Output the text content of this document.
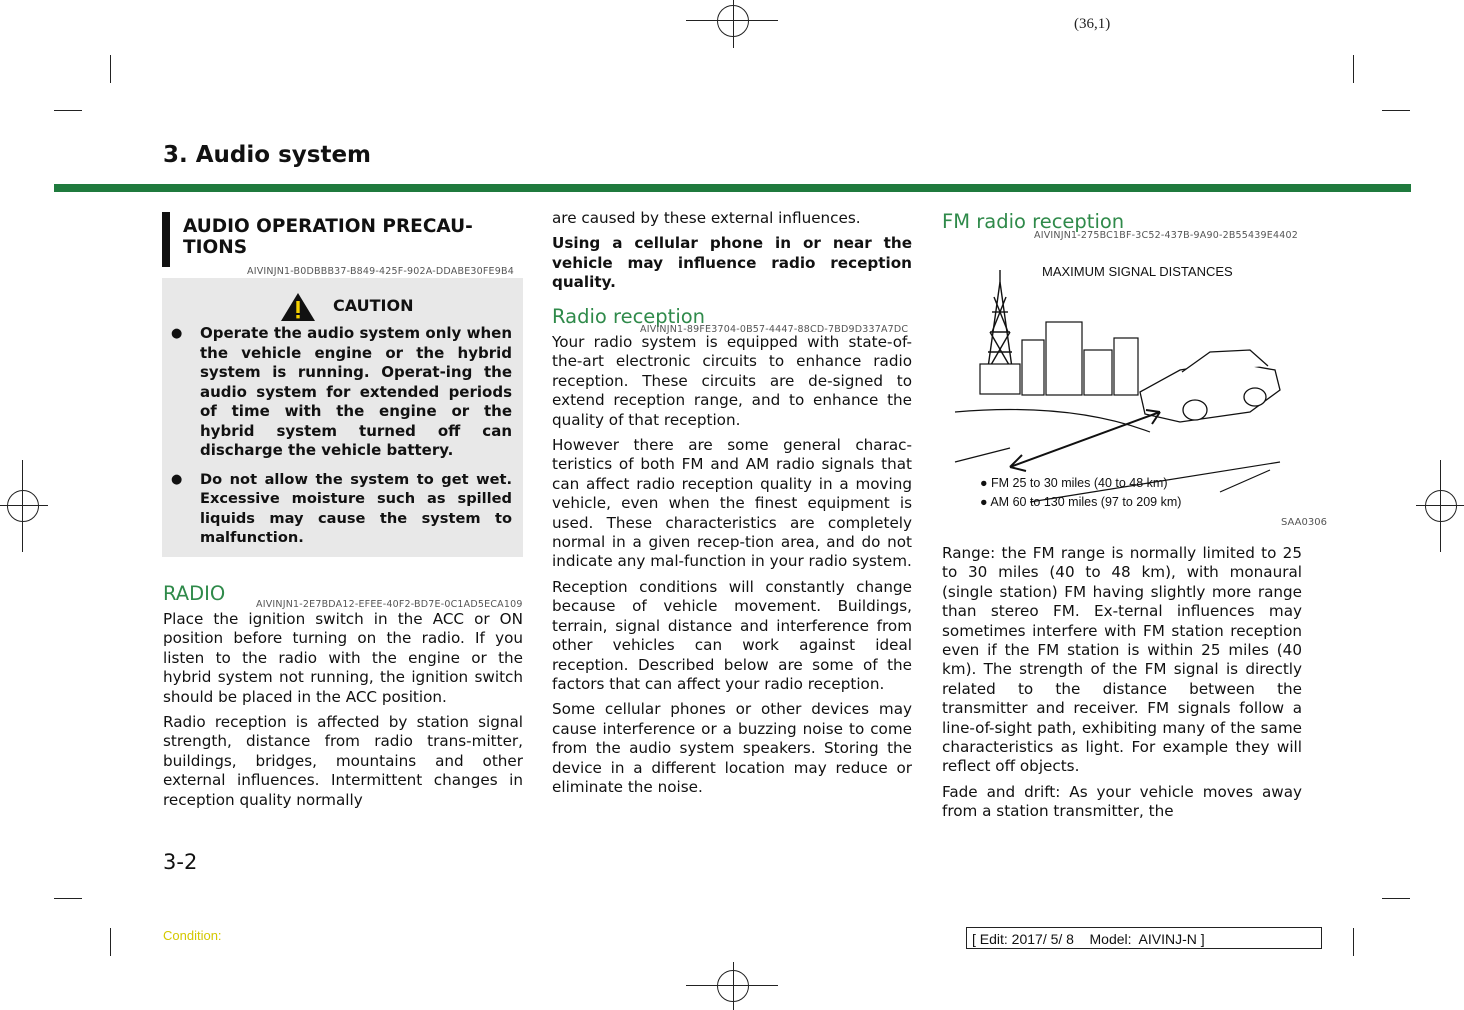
(36,1)
3. Audio system
AUDIO OPERATION PRECAU-
TIONS
AIVINJN1-B0DBBB37-B849-425F-902A-DDABE30FE9B4
CAUTION
● Operate the audio system only when the vehicle engine or the hybrid system is running. Operat-ing the audio system for extended periods of time with the engine or the hybrid system turned off can discharge the vehicle battery.
● Do not allow the system to get wet. Excessive moisture such as spilled liquids may cause the system to malfunction.
RADIO	AIVINJN1-2E7BDA12-EFEE-40F2-BD7E-0C1AD5ECA109

Place the ignition switch in the ACC or ON position before turning on the radio. If you listen to the radio with the engine or the hybrid system not running, the ignition switch should be placed in the ACC position.

Radio reception is affected by station signal strength, distance from radio trans-mitter, buildings, bridges, mountains and other external influences. Intermittent changes in reception quality normally

are caused by these external influences.

Using a cellular phone in or near the vehicle may influence radio reception quality.

Radio reception
AIVINJN1-89FE3704-0B57-4447-88CD-7BD9D337A7DC

Your radio system is equipped with state-of-the-art electronic circuits to enhance radio reception. These circuits are de-signed to extend reception range, and to enhance the quality of that reception.

However there are some general charac-teristics of both FM and AM radio signals that can affect radio reception quality in a moving vehicle, even when the finest equipment is used. These characteristics are completely normal in a given recep-tion area, and do not indicate any mal-function in your radio system.

Reception conditions will constantly change because of vehicle movement. Buildings, terrain, signal distance and interference from other vehicles can work against ideal reception. Described below are some of the factors that can affect your radio reception.

Some cellular phones or other devices may cause interference or a buzzing noise to come from the audio system speakers. Storing the device in a different location may reduce or eliminate the noise.

FM radio reception
AIVINJN1-275BC1BF-3C52-437B-9A90-2B55439E4402
MAXIMUM SIGNAL DISTANCES
● FM 25 to 30 miles (40 to 48 km)
● AM 60 to 130 miles (97 to 209 km)
SAA0306

Range: the FM range is normally limited to 25 to 30 miles (40 to 48 km), with monaural (single station) FM having slightly more range than stereo FM. Ex-ternal influences may sometimes interfere with FM station reception even if the FM station is within 25 miles (40 km). The strength of the FM signal is directly related to the distance between the transmitter and receiver. FM signals follow a line-of-sight path, exhibiting many of the same characteristics as light. For example they will reflect off objects.

Fade and drift: As your vehicle moves away from a station transmitter, the

3-2
Condition:	[ Edit: 2017/ 5/ 8    Model:  AIVINJ-N ]
